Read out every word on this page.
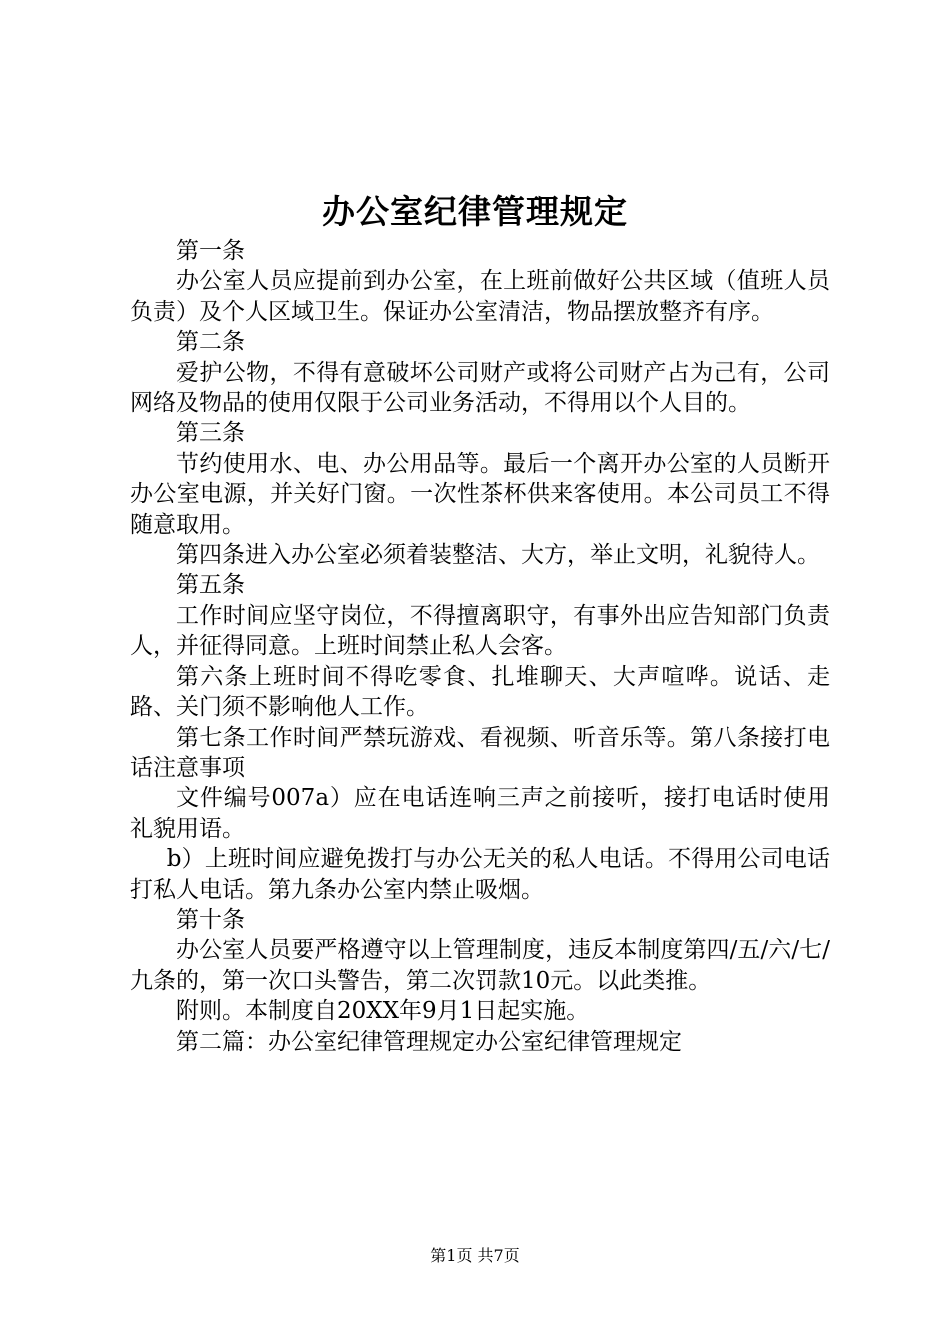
办公室纪律管理规定

第一条

办公室人员应提前到办公室，在上班前做好公共区域（值班人员负责）及个人区域卫生。保证办公室清洁，物品摆放整齐有序。

第二条

爱护公物，不得有意破坏公司财产或将公司财产占为己有，公司网络及物品的使用仅限于公司业务活动，不得用以个人目的。

第三条

节约使用水、电、办公用品等。最后一个离开办公室的人员断开办公室电源，并关好门窗。一次性茶杯供来客使用。本公司员工不得随意取用。

第四条进入办公室必须着装整洁、大方，举止文明，礼貌待人。

第五条

工作时间应坚守岗位，不得擅离职守，有事外出应告知部门负责人，并征得同意。上班时间禁止私人会客。

第六条上班时间不得吃零食、扎堆聊天、大声喧哗。说话、走路、关门须不影响他人工作。

第七条工作时间严禁玩游戏、看视频、听音乐等。第八条接打电话注意事项

文件编号007a）应在电话连响三声之前接听，接打电话时使用礼貌用语。

b）上班时间应避免拨打与办公无关的私人电话。不得用公司电话打私人电话。第九条办公室内禁止吸烟。

第十条

办公室人员要严格遵守以上管理制度，违反本制度第四/五/六/七/九条的，第一次口头警告，第二次罚款10元。以此类推。

附则。本制度自20XX年9月1日起实施。

第二篇：办公室纪律管理规定办公室纪律管理规定

第1页 共7页
